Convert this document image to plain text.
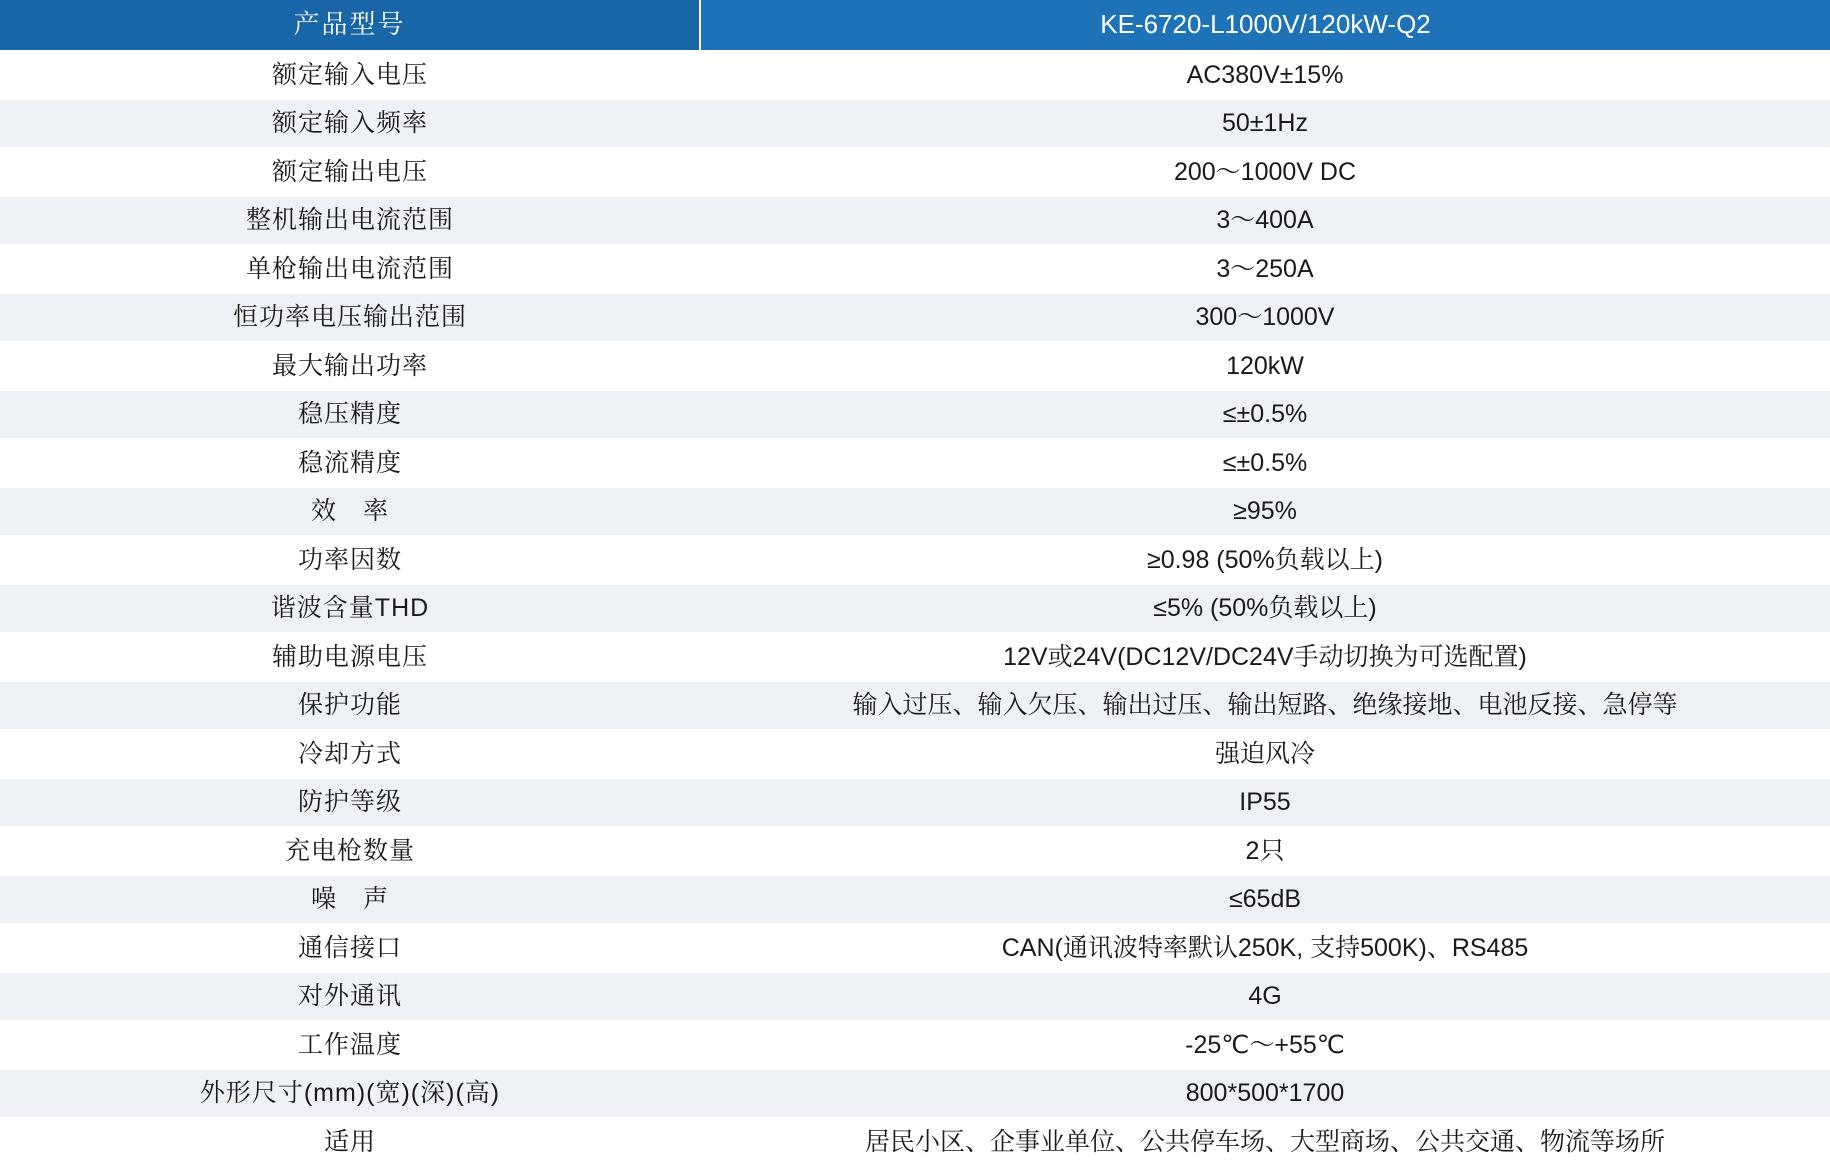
产品型号	KE-6720-L1000V/120kW-Q2
额定输入电压	AC380V±15%
额定输入频率	50±1Hz
额定输出电压	200〜1000V DC
整机输出电流范围	3〜400A
单枪输出电流范围	3〜250A
恒功率电压输出范围	300〜1000V
最大输出功率	120kW
稳压精度	≤±0.5%
稳流精度	≤±0.5%
效　率	≥95%
功率因数	≥0.98 (50%负载以上)
谐波含量THD	≤5% (50%负载以上)
辅助电源电压	12V或24V(DC12V/DC24V手动切换为可选配置)
保护功能	输入过压、输入欠压、输出过压、输出短路、绝缘接地、电池反接、急停等
冷却方式	强迫风冷
防护等级	IP55
充电枪数量	2只
噪　声	≤65dB
通信接口	CAN(通讯波特率默认250K, 支持500K)、RS485
对外通讯	4G
工作温度	-25℃〜+55℃
外形尺寸(mm)(宽)(深)(高)	800*500*1700
适用	居民小区、企事业单位、公共停车场、大型商场、公共交通、物流等场所
